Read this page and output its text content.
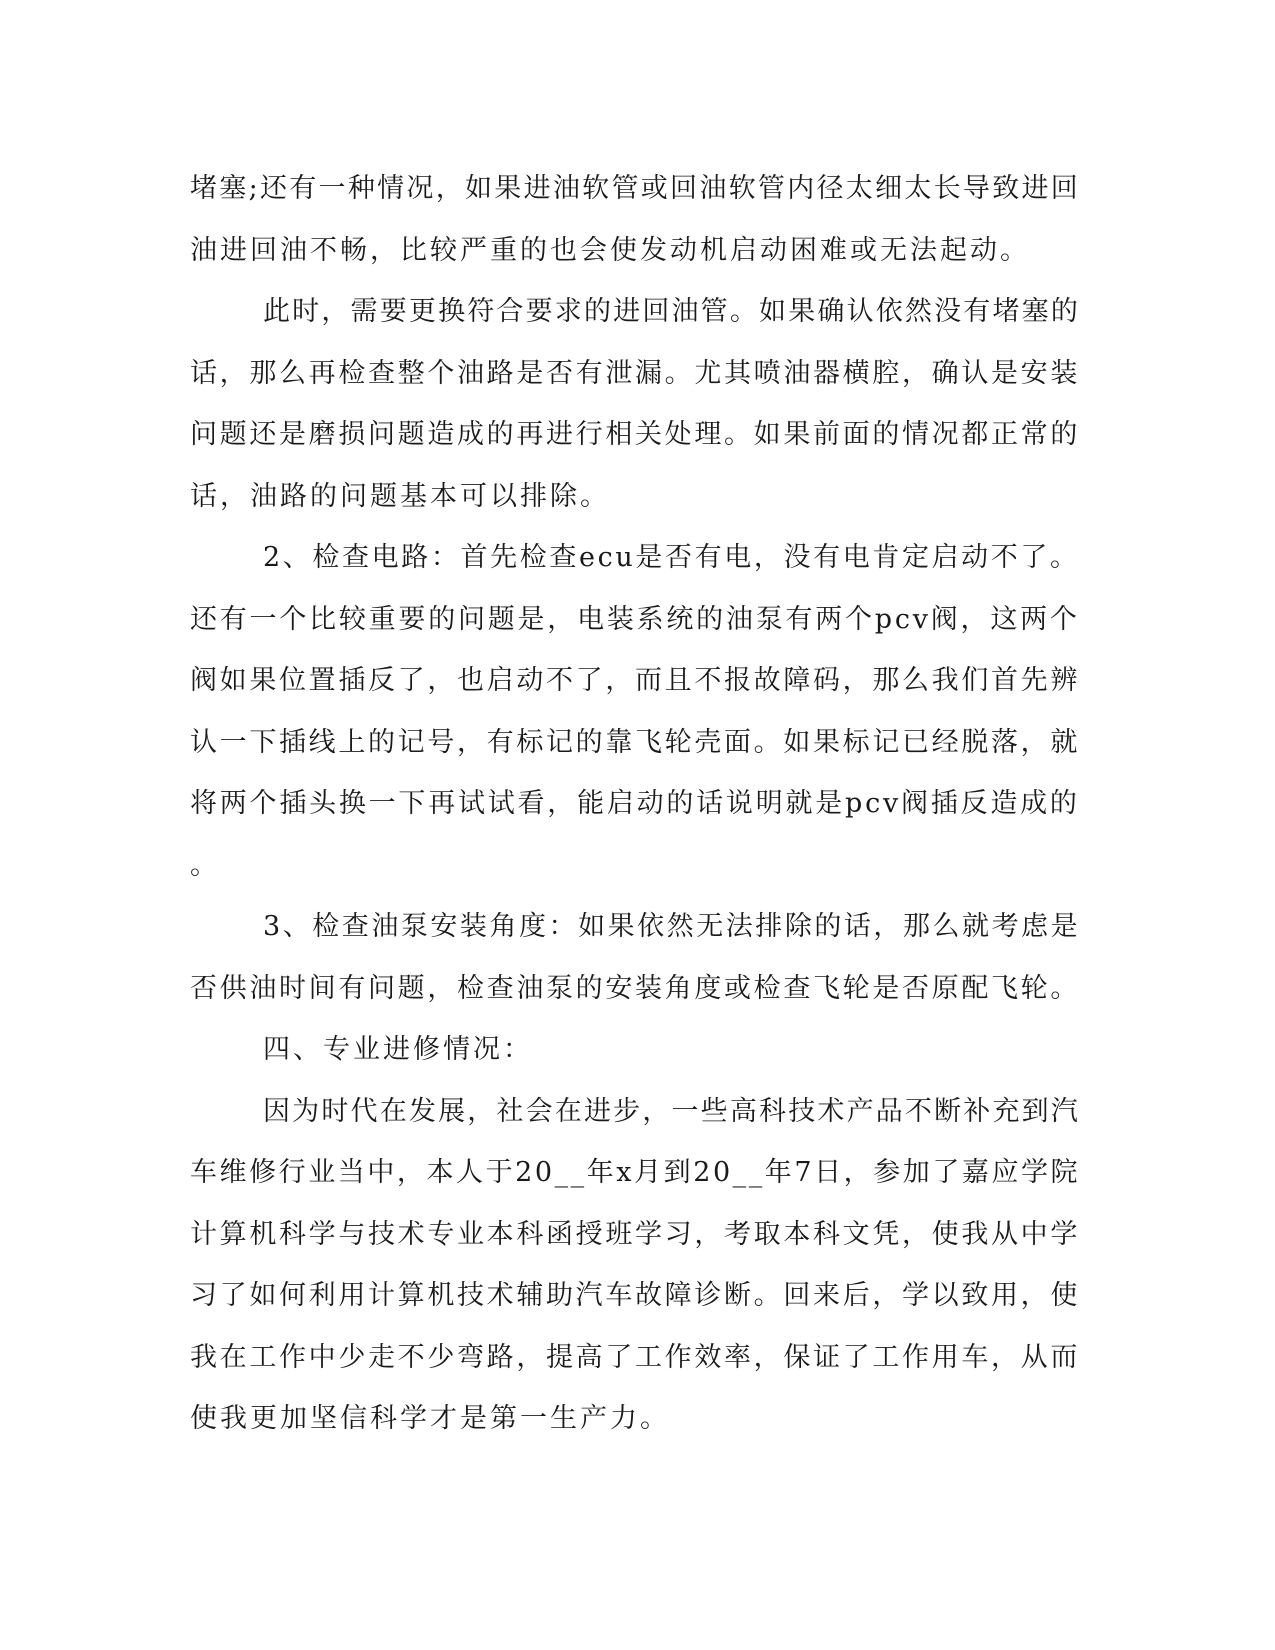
堵塞;还有一种情况，如果进油软管或回油软管内径太细太长导致进回
油进回油不畅，比较严重的也会使发动机启动困难或无法起动。

此时，需要更换符合要求的进回油管。如果确认依然没有堵塞的
话，那么再检查整个油路是否有泄漏。尤其喷油器横腔，确认是安装
问题还是磨损问题造成的再进行相关处理。如果前面的情况都正常的
话，油路的问题基本可以排除。

2、检查电路：首先检查ecu是否有电，没有电肯定启动不了。
还有一个比较重要的问题是，电装系统的油泵有两个pcv阀，这两个
阀如果位置插反了，也启动不了，而且不报故障码，那么我们首先辨
认一下插线上的记号，有标记的靠飞轮壳面。如果标记已经脱落，就
将两个插头换一下再试试看，能启动的话说明就是pcv阀插反造成的
。

3、检查油泵安装角度：如果依然无法排除的话，那么就考虑是
否供油时间有问题，检查油泵的安装角度或检查飞轮是否原配飞轮。

四、专业进修情况：

因为时代在发展，社会在进步，一些高科技术产品不断补充到汽
车维修行业当中，本人于20__年x月到20__年7日，参加了嘉应学院
计算机科学与技术专业本科函授班学习，考取本科文凭，使我从中学
习了如何利用计算机技术辅助汽车故障诊断。回来后，学以致用，使
我在工作中少走不少弯路，提高了工作效率，保证了工作用车，从而
使我更加坚信科学才是第一生产力。
